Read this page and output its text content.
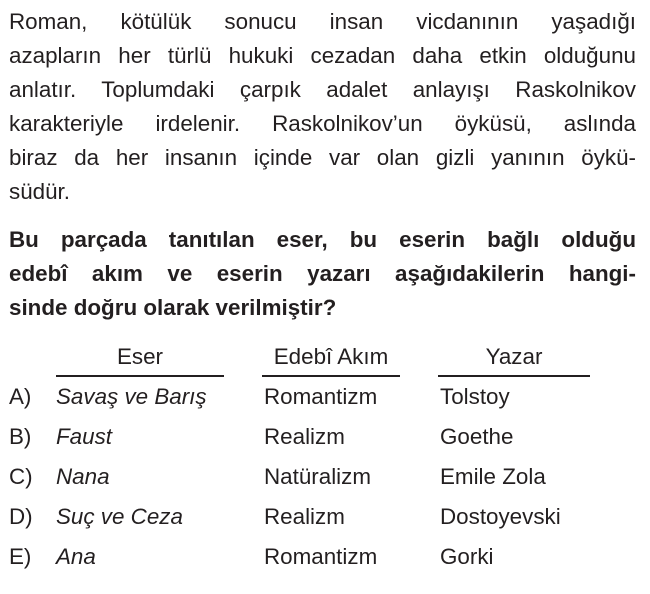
Roman, kötülük sonucu insan vicdanının yaşadığı
azapların her türlü hukuki cezadan daha etkin olduğunu
anlatır. Toplumdaki çarpık adalet anlayışı Raskolnikov
karakteriyle irdelenir. Raskolnikov’un öyküsü, aslında
biraz da her insanın içinde var olan gizli yanının öykü-
südür.
Bu parçada tanıtılan eser, bu eserin bağlı olduğu
edebî akım ve eserin yazarı aşağıdakilerin hangi-
sinde doğru olarak verilmiştir?
Eser	Edebî Akım	Yazar
A) Savaş ve Barış	Romantizm	Tolstoy
B) Faust	Realizm	Goethe
C) Nana	Natüralizm	Emile Zola
D) Suç ve Ceza	Realizm	Dostoyevski
E) Ana	Romantizm	Gorki
